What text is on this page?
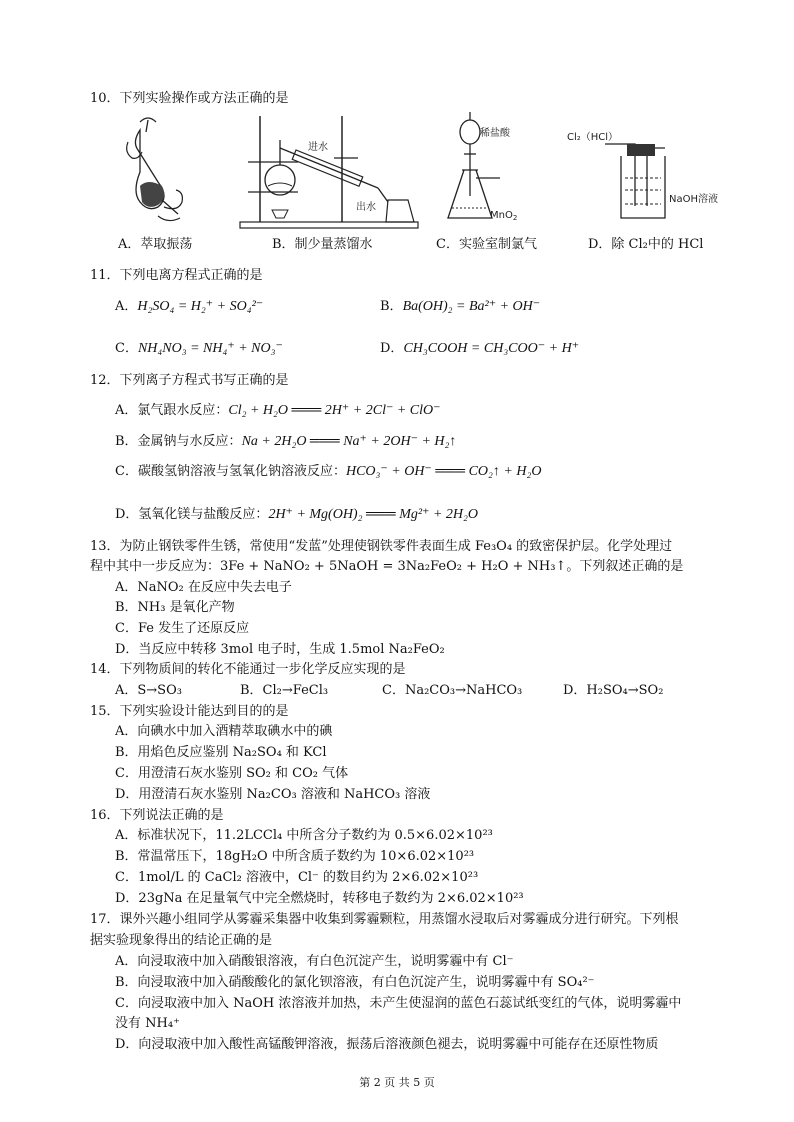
10．下列实验操作或方法正确的是
进水
出水
稀盐酸
MnO$_2$
Cl₂（HCl）
NaOH溶液
A．萃取振荡	B．制少量蒸馏水	C．实验室制氯气	D．除 Cl₂中的 HCl
11．下列电离方程式正确的是
A．H₂SO₄ = H₂⁺ + SO₄²⁻	B．Ba(OH)₂ = Ba²⁺ + OH⁻
C．NH₄NO₃ = NH₄⁺ + NO₃⁻	D．CH₃COOH = CH₃COO⁻ + H⁺
12．下列离子方程式书写正确的是
A．氯气跟水反应：Cl₂ + H₂O ═══ 2H⁺ + 2Cl⁻ + ClO⁻
B．金属钠与水反应：Na + 2H₂O ═══ Na⁺ + 2OH⁻ + H₂↑
C．碳酸氢钠溶液与氢氧化钠溶液反应：HCO₃⁻ + OH⁻ ═══ CO₂↑ + H₂O
D．氢氧化镁与盐酸反应：2H⁺ + Mg(OH)₂ ═══ Mg²⁺ + 2H₂O
13．为防止钢铁零件生锈，常使用“发蓝”处理使钢铁零件表面生成 Fe₃O₄ 的致密保护层。化学处理过
程中其中一步反应为：3Fe + NaNO₂ + 5NaOH = 3Na₂FeO₂ + H₂O + NH₃↑。下列叙述正确的是
A．NaNO₂ 在反应中失去电子
B．NH₃ 是氧化产物
C．Fe 发生了还原反应
D．当反应中转移 3mol 电子时，生成 1.5mol Na₂FeO₂
14．下列物质间的转化不能通过一步化学反应实现的是
A．S→SO₃	B．Cl₂→FeCl₃	C．Na₂CO₃→NaHCO₃	D．H₂SO₄→SO₂
15．下列实验设计能达到目的的是
A．向碘水中加入酒精萃取碘水中的碘
B．用焰色反应鉴别 Na₂SO₄ 和 KCl
C．用澄清石灰水鉴别 SO₂ 和 CO₂ 气体
D．用澄清石灰水鉴别 Na₂CO₃ 溶液和 NaHCO₃ 溶液
16．下列说法正确的是
A．标准状况下，11.2LCCl₄ 中所含分子数约为 0.5×6.02×10²³
B．常温常压下，18gH₂O 中所含质子数约为 10×6.02×10²³
C．1mol/L 的 CaCl₂ 溶液中，Cl⁻ 的数目约为 2×6.02×10²³
D．23gNa 在足量氧气中完全燃烧时，转移电子数约为 2×6.02×10²³
17．课外兴趣小组同学从雾霾采集器中收集到雾霾颗粒，用蒸馏水浸取后对雾霾成分进行研究。下列根
据实验现象得出的结论正确的是
A．向浸取液中加入硝酸银溶液，有白色沉淀产生，说明雾霾中有 Cl⁻
B．向浸取液中加入硝酸酸化的氯化钡溶液，有白色沉淀产生，说明雾霾中有 SO₄²⁻
C．向浸取液中加入 NaOH 浓溶液并加热，未产生使湿润的蓝色石蕊试纸变红的气体，说明雾霾中
没有 NH₄⁺
D．向浸取液中加入酸性高锰酸钾溶液，振荡后溶液颜色褪去，说明雾霾中可能存在还原性物质
第 2 页 共 5 页
